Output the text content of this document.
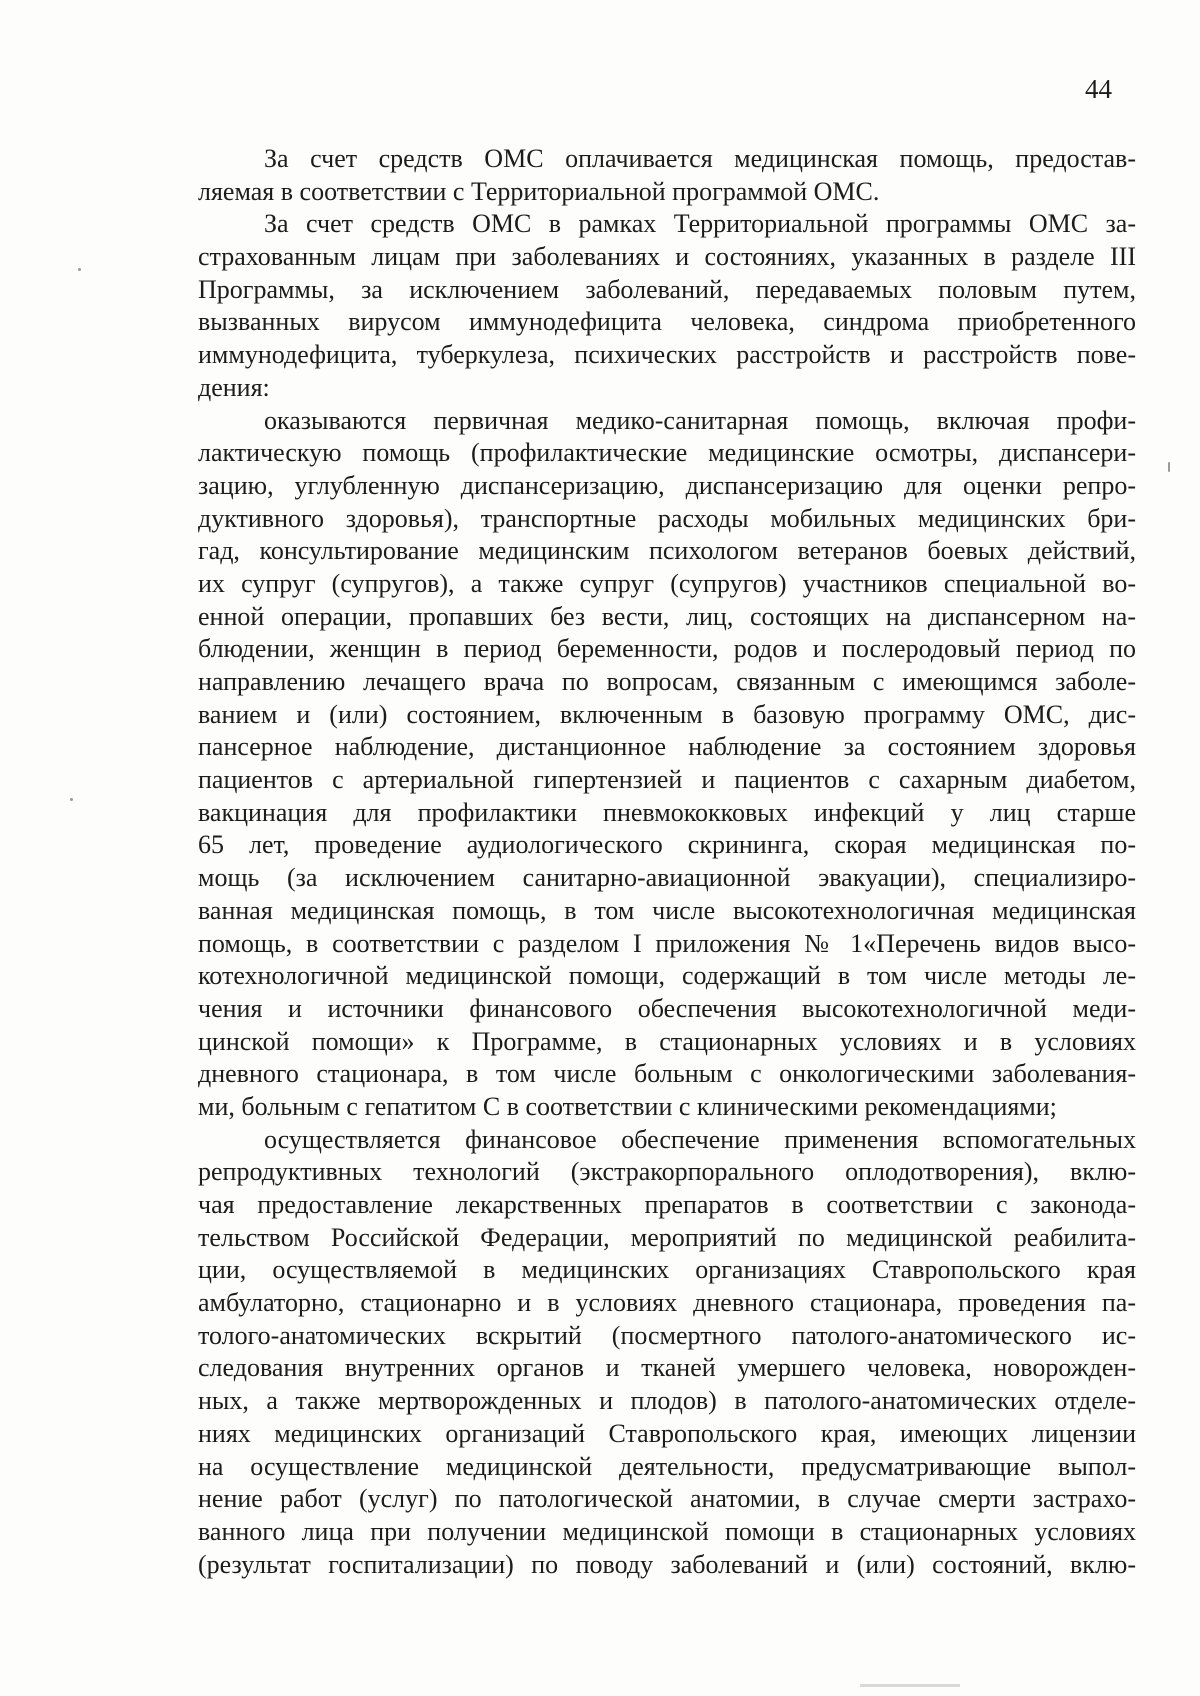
44
За счет средств ОМС оплачивается медицинская помощь, предостав-
ляемая в соответствии с Территориальной программой ОМС.
За счет средств ОМС в рамках Территориальной программы ОМС за-
страхованным лицам при заболеваниях и состояниях, указанных в разделе III
Программы, за исключением заболеваний, передаваемых половым путем,
вызванных вирусом иммунодефицита человека, синдрома приобретенного
иммунодефицита, туберкулеза, психических расстройств и расстройств пове-
дения:
оказываются первичная медико-санитарная помощь, включая профи-
лактическую помощь (профилактические медицинские осмотры, диспансери-
зацию, углубленную диспансеризацию, диспансеризацию для оценки репро-
дуктивного здоровья), транспортные расходы мобильных медицинских бри-
гад, консультирование медицинским психологом ветеранов боевых действий,
их супруг (супругов), а также супруг (супругов) участников специальной во-
енной операции, пропавших без вести, лиц, состоящих на диспансерном на-
блюдении, женщин в период беременности, родов и послеродовый период по
направлению лечащего врача по вопросам, связанным с имеющимся заболе-
ванием и (или) состоянием, включенным в базовую программу ОМС, дис-
пансерное наблюдение, дистанционное наблюдение за состоянием здоровья
пациентов с артериальной гипертензией и пациентов с сахарным диабетом,
вакцинация для профилактики пневмококковых инфекций у лиц старше
65 лет, проведение аудиологического скрининга, скорая медицинская по-
мощь (за исключением санитарно-авиационной эвакуации), специализиро-
ванная медицинская помощь, в том числе высокотехнологичная медицинская
помощь, в соответствии с разделом I приложения № 1«Перечень видов высо-
котехнологичной медицинской помощи, содержащий в том числе методы ле-
чения и источники финансового обеспечения высокотехнологичной меди-
цинской помощи» к Программе, в стационарных условиях и в условиях
дневного стационара, в том числе больным с онкологическими заболевания-
ми, больным с гепатитом С в соответствии с клиническими рекомендациями;
осуществляется финансовое обеспечение применения вспомогательных
репродуктивных технологий (экстракорпорального оплодотворения), вклю-
чая предоставление лекарственных препаратов в соответствии с законода-
тельством Российской Федерации, мероприятий по медицинской реабилита-
ции, осуществляемой в медицинских организациях Ставропольского края
амбулаторно, стационарно и в условиях дневного стационара, проведения па-
толого-анатомических вскрытий (посмертного патолого-анатомического ис-
следования внутренних органов и тканей умершего человека, новорожден-
ных, а также мертворожденных и плодов) в патолого-анатомических отделе-
ниях медицинских организаций Ставропольского края, имеющих лицензии
на осуществление медицинской деятельности, предусматривающие выпол-
нение работ (услуг) по патологической анатомии, в случае смерти застрахо-
ванного лица при получении медицинской помощи в стационарных условиях
(результат госпитализации) по поводу заболеваний и (или) состояний, вклю-
